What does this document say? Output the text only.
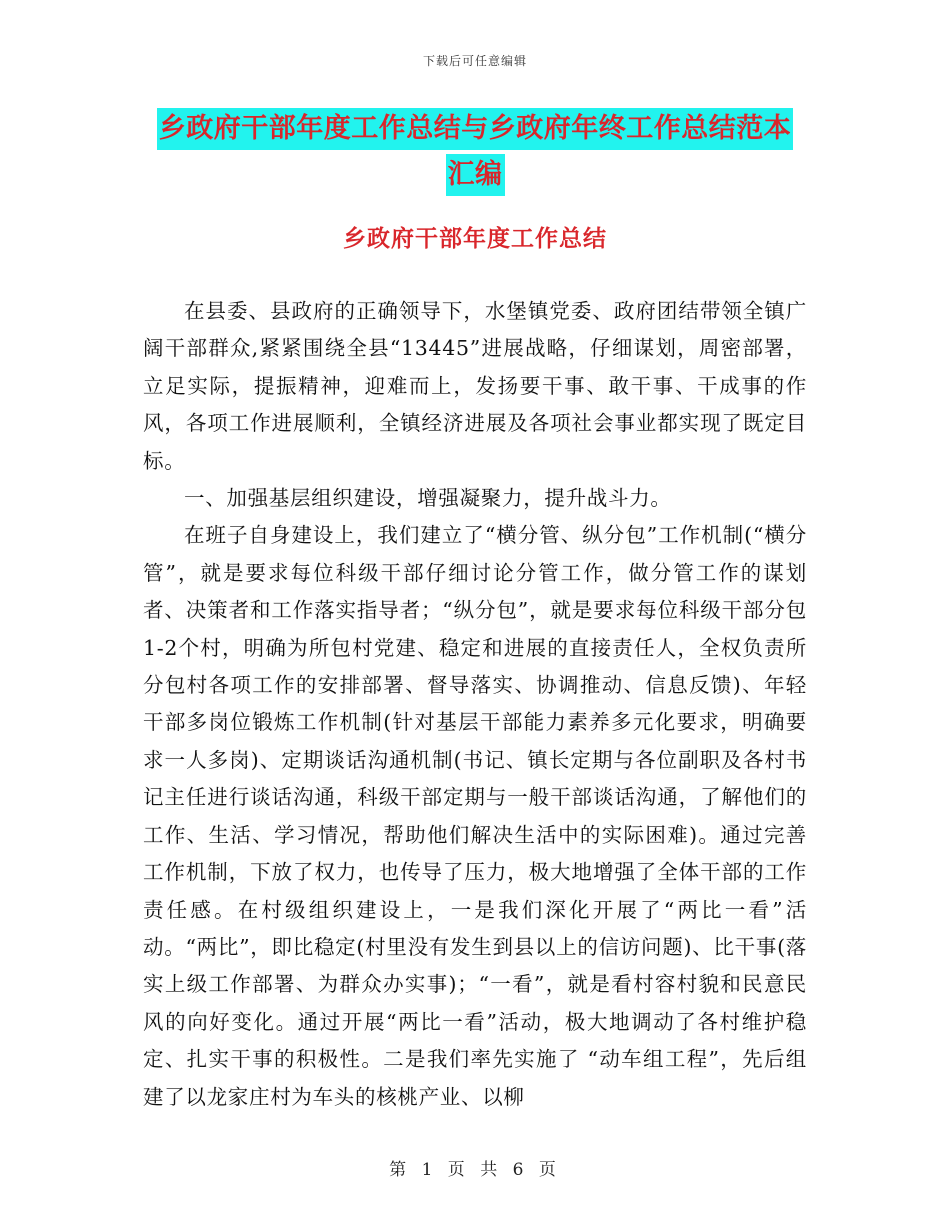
下载后可任意编辑
乡政府干部年度工作总结与乡政府年终工作总结范本
汇编
乡政府干部年度工作总结

在县委、县政府的正确领导下，水堡镇党委、政府团结带领全镇广阔干部群众,紧紧围绕全县“13445”进展战略，仔细谋划，周密部署，立足实际，提振精神，迎难而上，发扬要干事、敢干事、干成事的作风，各项工作进展顺利，全镇经济进展及各项社会事业都实现了既定目标。

一、加强基层组织建设，增强凝聚力，提升战斗力。

在班子自身建设上，我们建立了“横分管、纵分包”工作机制(“横分管”，就是要求每位科级干部仔细讨论分管工作，做分管工作的谋划者、决策者和工作落实指导者；“纵分包”，就是要求每位科级干部分包1-2个村，明确为所包村党建、稳定和进展的直接责任人，全权负责所分包村各项工作的安排部署、督导落实、协调推动、信息反馈)、年轻干部多岗位锻炼工作机制(针对基层干部能力素养多元化要求，明确要求一人多岗)、定期谈话沟通机制(书记、镇长定期与各位副职及各村书记主任进行谈话沟通，科级干部定期与一般干部谈话沟通，了解他们的工作、生活、学习情况，帮助他们解决生活中的实际困难)。通过完善工作机制，下放了权力，也传导了压力，极大地增强了全体干部的工作责任感。在村级组织建设上，一是我们深化开展了“两比一看”活动。“两比”，即比稳定(村里没有发生到县以上的信访问题)、比干事(落实上级工作部署、为群众办实事)；“一看”，就是看村容村貌和民意民风的向好变化。通过开展“两比一看”活动，极大地调动了各村维护稳定、扎实干事的积极性。二是我们率先实施了 “动车组工程”，先后组建了以龙家庄村为车头的核桃产业、以柳

第 1 页 共 6 页
